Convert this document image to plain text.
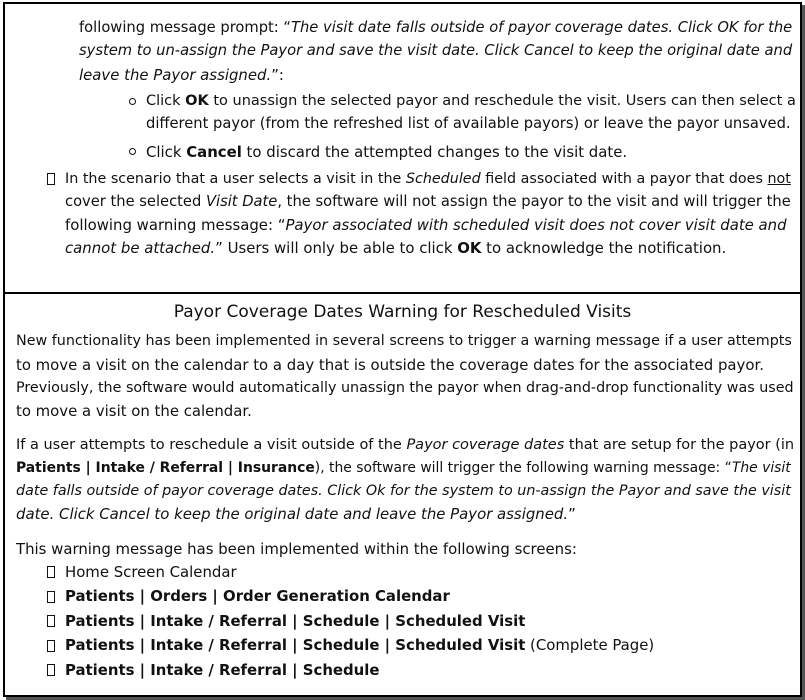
following message prompt: “The visit date falls outside of payor coverage dates. Click OK for the
system to un-assign the Payor and save the visit date. Click Cancel to keep the original date and
leave the Payor assigned.”:
Click OK to unassign the selected payor and reschedule the visit. Users can then select a
different payor (from the refreshed list of available payors) or leave the payor unsaved.
Click Cancel to discard the attempted changes to the visit date.
In the scenario that a user selects a visit in the Scheduled field associated with a payor that does not
cover the selected Visit Date, the software will not assign the payor to the visit and will trigger the
following warning message: “Payor associated with scheduled visit does not cover visit date and
cannot be attached.” Users will only be able to click OK to acknowledge the notification.
Payor Coverage Dates Warning for Rescheduled Visits
New functionality has been implemented in several screens to trigger a warning message if a user attempts
to move a visit on the calendar to a day that is outside the coverage dates for the associated payor.
Previously, the software would automatically unassign the payor when drag-and-drop functionality was used
to move a visit on the calendar.
If a user attempts to reschedule a visit outside of the Payor coverage dates that are setup for the payor (in
Patients | Intake / Referral | Insurance), the software will trigger the following warning message: “The visit
date falls outside of payor coverage dates. Click Ok for the system to un-assign the Payor and save the visit
date. Click Cancel to keep the original date and leave the Payor assigned.”
This warning message has been implemented within the following screens:
Home Screen Calendar
Patients | Orders | Order Generation Calendar
Patients | Intake / Referral | Schedule | Scheduled Visit
Patients | Intake / Referral | Schedule | Scheduled Visit (Complete Page)
Patients | Intake / Referral | Schedule
